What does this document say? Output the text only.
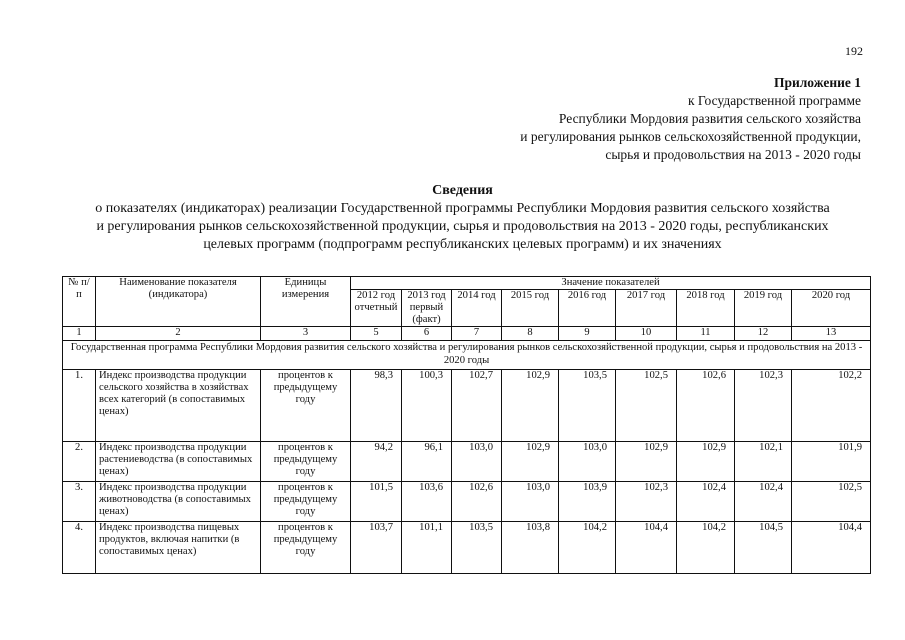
192
Приложение 1
к Государственной программе
Республики Мордовия развития сельского хозяйства
и регулирования рынков сельскохозяйственной продукции,
сырья и продовольствия на 2013 - 2020 годы
Сведения
о показателях (индикаторах) реализации Государственной программы Республики Мордовия развития сельского хозяйства
и регулирования рынков сельскохозяйственной продукции, сырья и продовольствия на 2013 - 2020 годы, республиканских
целевых программ (подпрограмм республиканских целевых программ) и их значениях
№ п/п	Наименование показателя (индикатора)	Единицы измерения	Значение показателей								
			2012 год отчетный	2013 год первый (факт)	2014 год	2015 год	2016 год	2017 год	2018 год	2019 год	2020 год
1	2	3	5	6	7	8	9	10	11	12	13
Государственная программа Республики Мордовия развития сельского хозяйства и регулирования рынков сельскохозяйственной продукции, сырья и продовольствия на 2013 - 2020 годы											
1.	Индекс производства продукции сельского хозяйства в хозяйствах всех категорий (в сопоставимых ценах)	процентов к предыдущему году	98,3	100,3	102,7	102,9	103,5	102,5	102,6	102,3	102,2
2.	Индекс производства продукции растениеводства (в сопоставимых ценах)	процентов к предыдущему году	94,2	96,1	103,0	102,9	103,0	102,9	102,9	102,1	101,9
3.	Индекс производства продукции животноводства (в сопоставимых ценах)	процентов к предыдущему году	101,5	103,6	102,6	103,0	103,9	102,3	102,4	102,4	102,5
4.	Индекс производства пищевых продуктов, включая напитки (в сопоставимых ценах)	процентов к предыдущему году	103,7	101,1	103,5	103,8	104,2	104,4	104,2	104,5	104,4
